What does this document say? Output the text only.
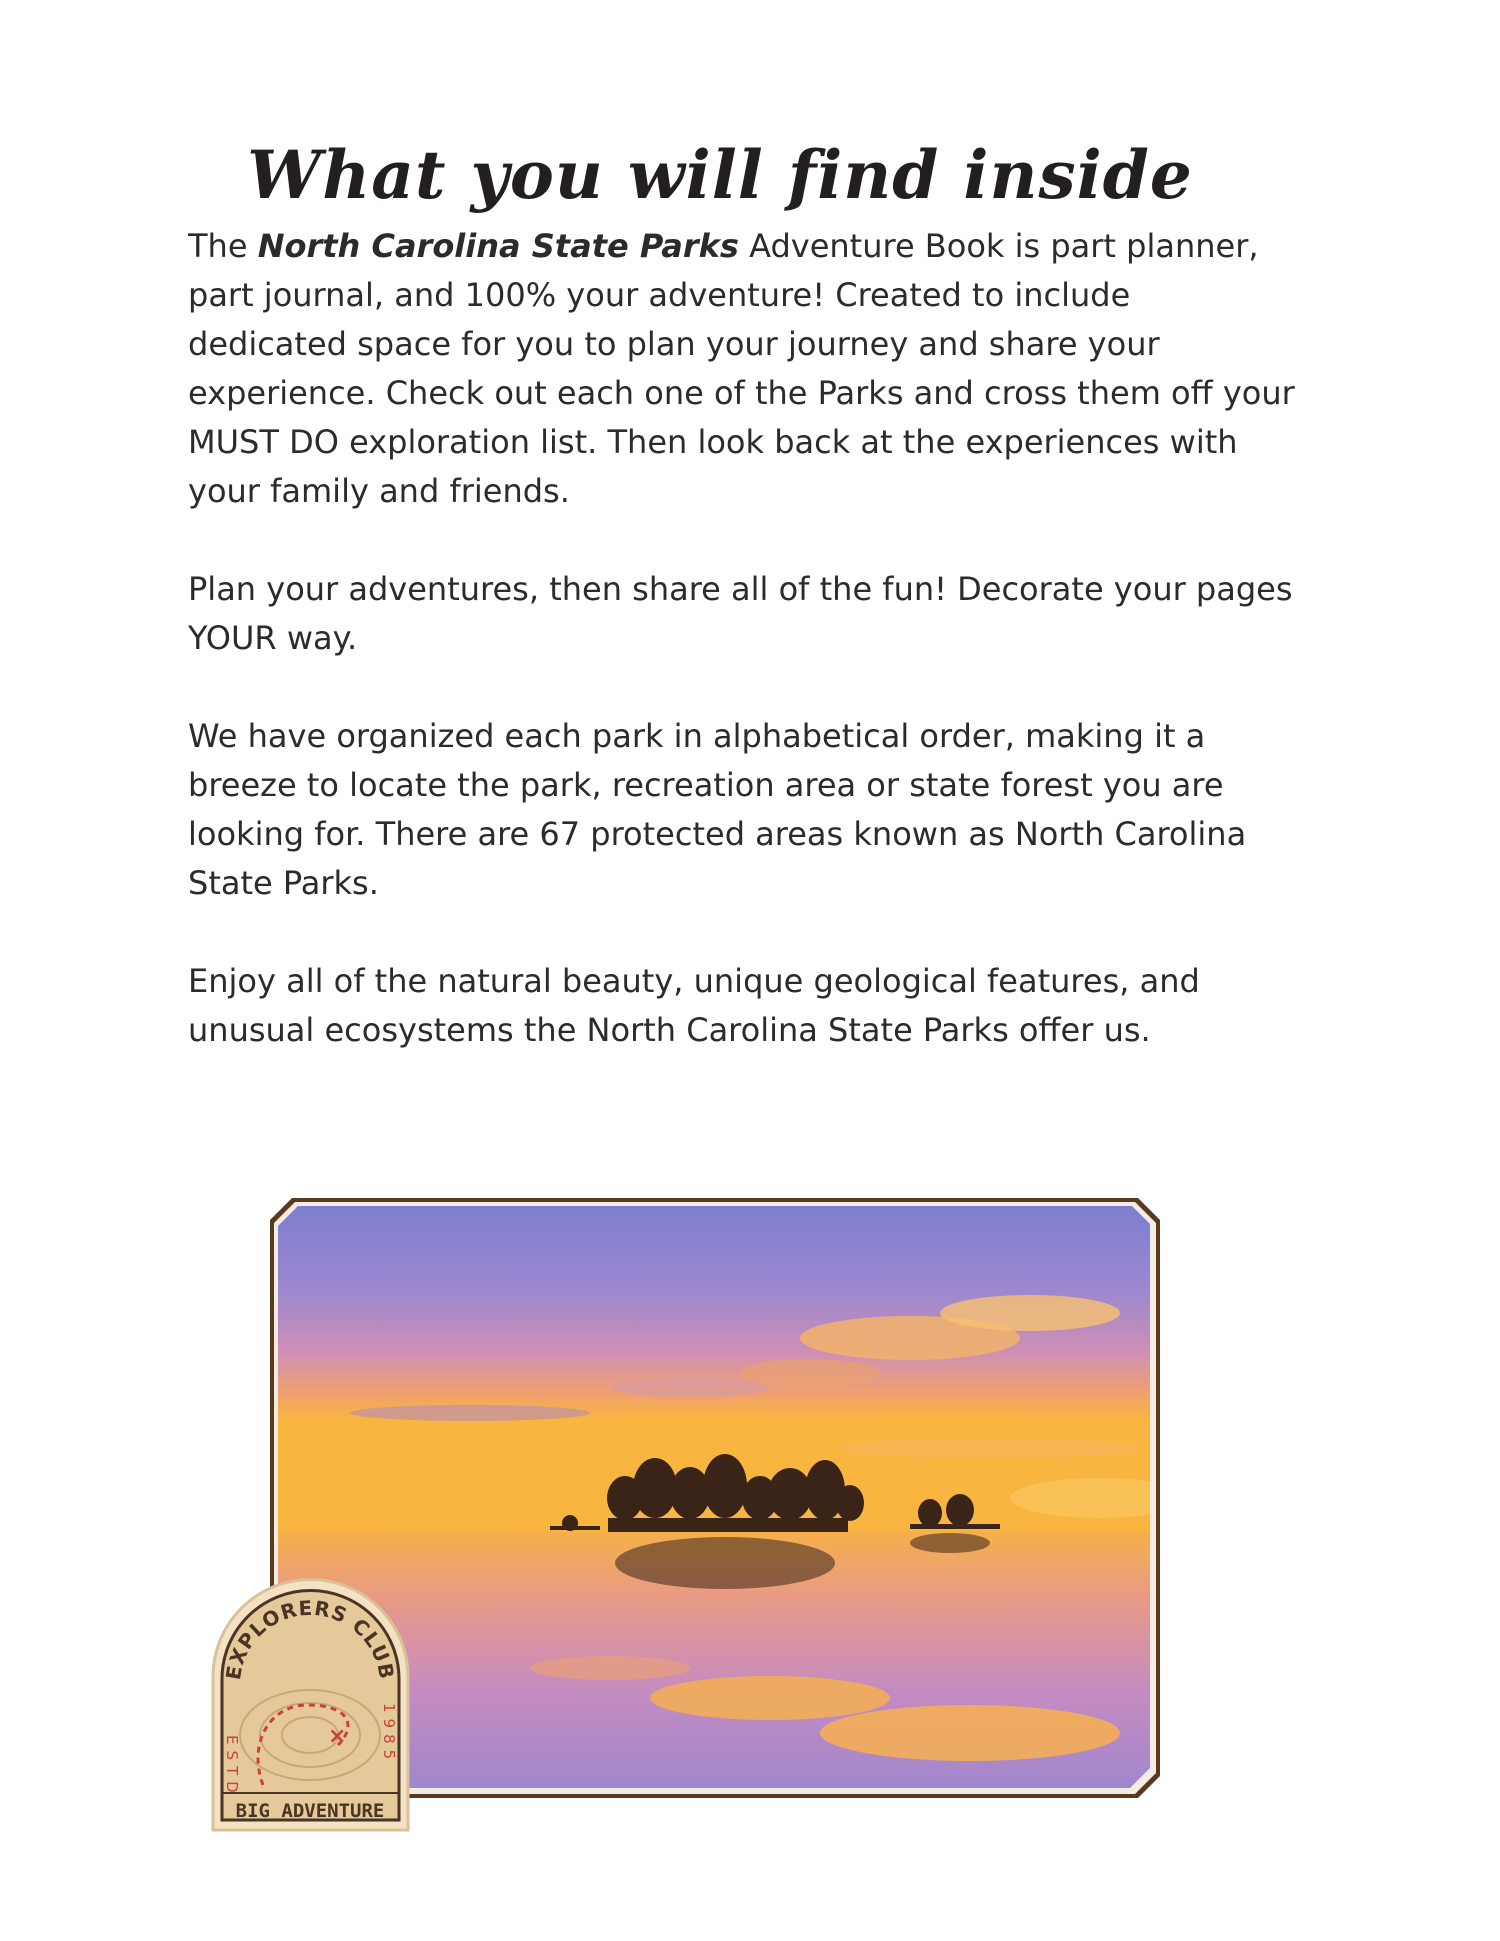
What you will find inside

The North Carolina State Parks Adventure Book is part planner, part journal, and 100% your adventure! Created to include dedicated space for you to plan your journey and share your experience. Check out each one of the Parks and cross them off your MUST DO exploration list. Then look back at the experiences with your family and friends.

Plan your adventures, then share all of the fun! Decorate your pages YOUR way.

We have organized each park in alphabetical order, making it a breeze to locate the park, recreation area or state forest you are looking for. There are 67 protected areas known as North Carolina State Parks.

Enjoy all of the natural beauty, unique geological features, and unusual ecosystems the North Carolina State Parks offer us.

×
EXPLORERS CLUB
ESTD
1985
BIG ADVENTURE
